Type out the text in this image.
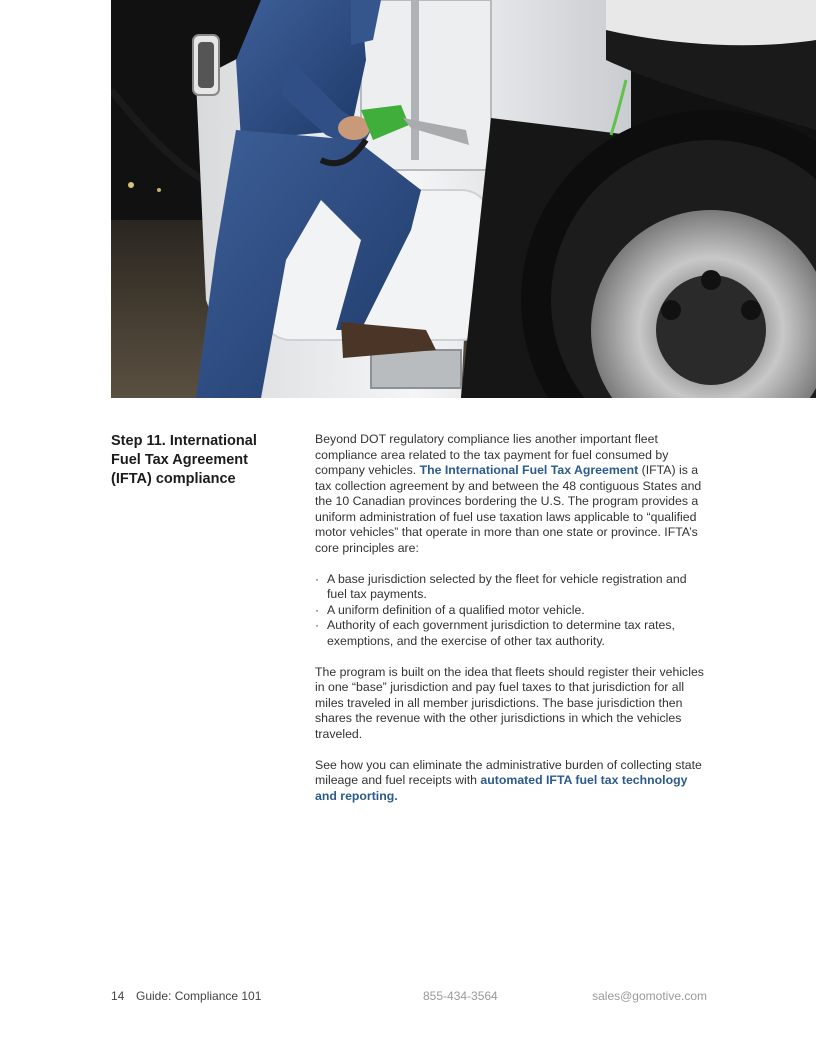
Step 11. International Fuel Tax Agreement (IFTA) compliance

Beyond DOT regulatory compliance lies another important fleet compliance area related to the tax payment for fuel consumed by company vehicles. The International Fuel Tax Agreement (IFTA) is a tax collection agreement by and between the 48 contiguous States and the 10 Canadian provinces bordering the U.S. The program provides a uniform administration of fuel use taxation laws applicable to “qualified motor vehicles” that operate in more than one state or province. IFTA’s core principles are:

· A base jurisdiction selected by the fleet for vehicle registration and fuel tax payments.
· A uniform definition of a qualified motor vehicle.
· Authority of each government jurisdiction to determine tax rates, exemptions, and the exercise of other tax authority.

The program is built on the idea that fleets should register their vehicles in one “base” jurisdiction and pay fuel taxes to that jurisdiction for all miles traveled in all member jurisdictions. The base jurisdiction then shares the revenue with the other jurisdictions in which the vehicles traveled.

See how you can eliminate the administrative burden of collecting state mileage and fuel receipts with automated IFTA fuel tax technology and reporting.

14 Guide: Compliance 101	855-434-3564	sales@gomotive.com
